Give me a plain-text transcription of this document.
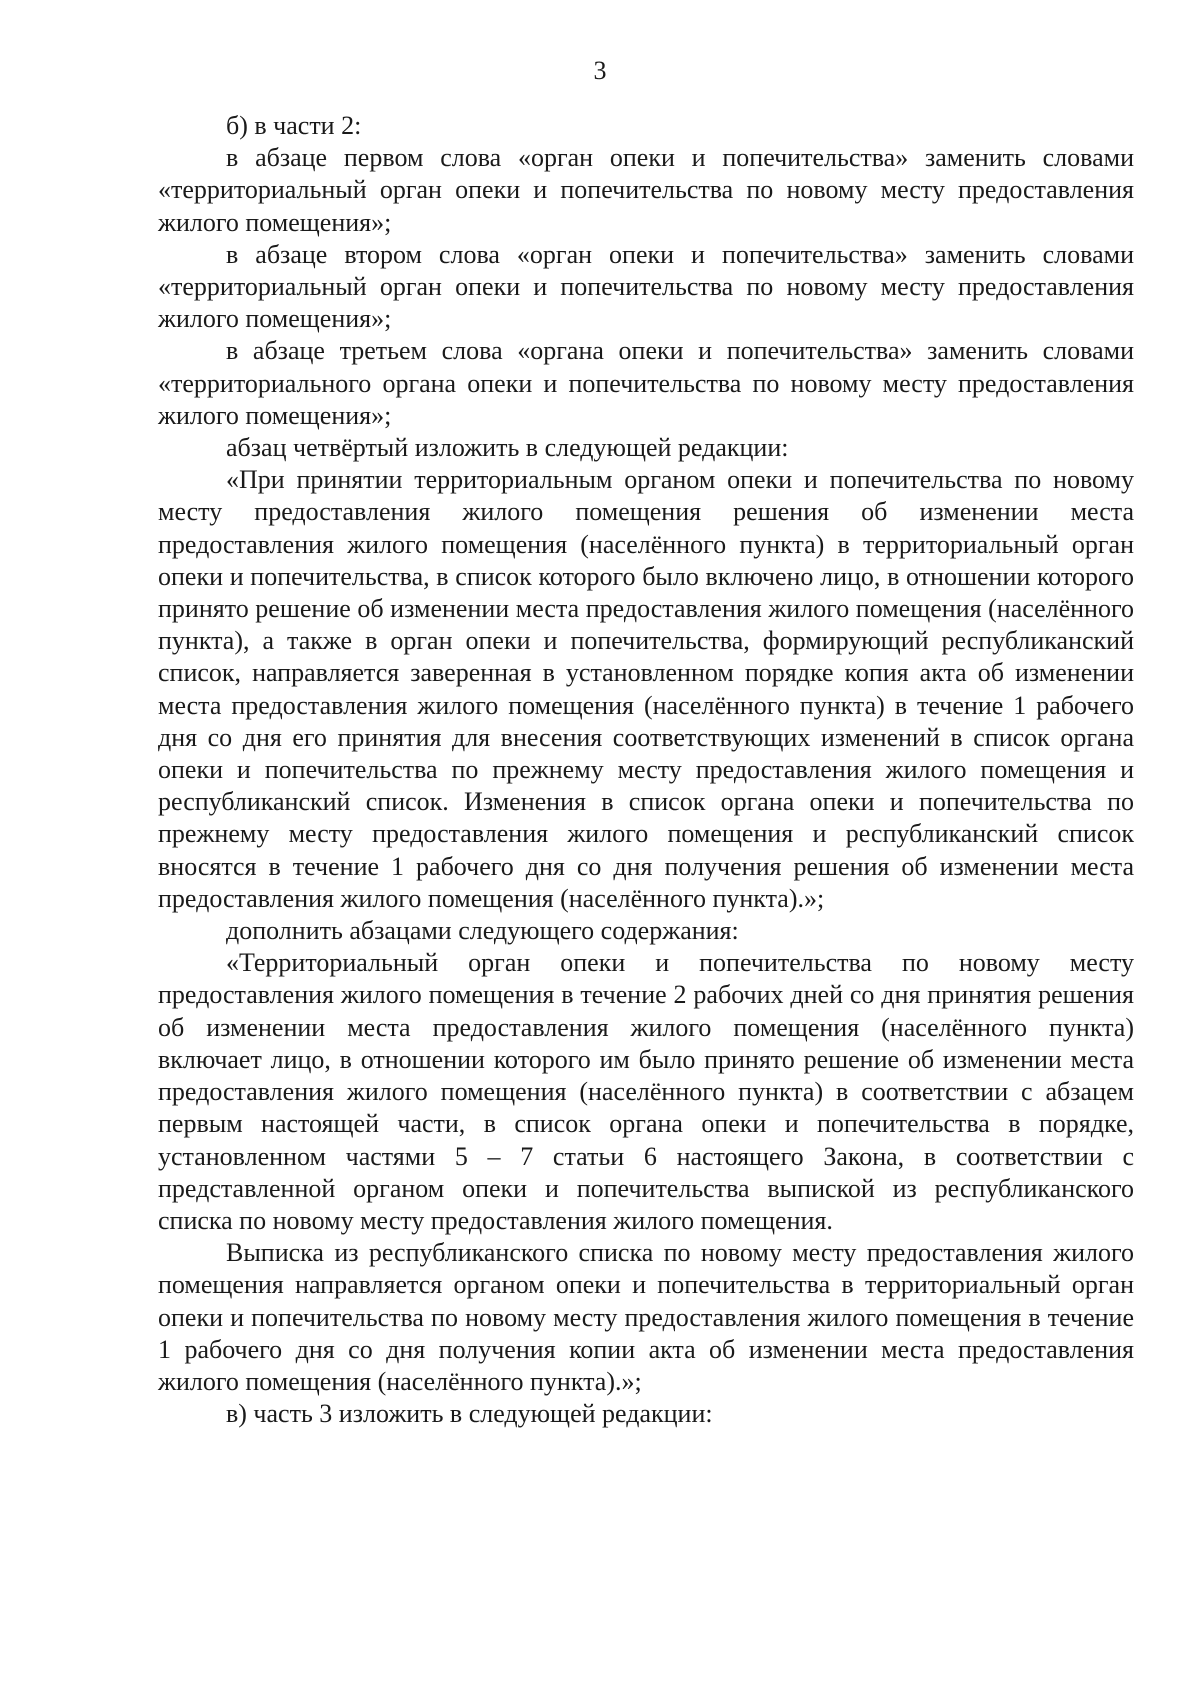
3

б) в части 2:

в абзаце первом слова «орган опеки и попечительства» заменить словами «территориальный орган опеки и попечительства по новому месту предоставления жилого помещения»;

в абзаце втором слова «орган опеки и попечительства» заменить словами «территориальный орган опеки и попечительства по новому месту предоставления жилого помещения»;

в абзаце третьем слова «органа опеки и попечительства» заменить словами «территориального органа опеки и попечительства по новому месту предоставления жилого помещения»;

абзац четвёртый изложить в следующей редакции:

«При принятии территориальным органом опеки и попечительства по новому месту предоставления жилого помещения решения об изменении места предоставления жилого помещения (населённого пункта) в территориальный орган опеки и попечительства, в список которого было включено лицо, в отношении которого принято решение об изменении места предоставления жилого помещения (населённого пункта), а также в орган опеки и попечительства, формирующий республиканский список, направляется заверенная в установленном порядке копия акта об изменении места предоставления жилого помещения (населённого пункта) в течение 1 рабочего дня со дня его принятия для внесения соответствующих изменений в список органа опеки и попечительства по прежнему месту предоставления жилого помещения и республиканский список. Изменения в список органа опеки и попечительства по прежнему месту предоставления жилого помещения и республиканский список вносятся в течение 1 рабочего дня со дня получения решения об изменении места предоставления жилого помещения (населённого пункта).»;

дополнить абзацами следующего содержания:

«Территориальный орган опеки и попечительства по новому месту предоставления жилого помещения в течение 2 рабочих дней со дня принятия решения об изменении места предоставления жилого помещения (населённого пункта) включает лицо, в отношении которого им было принято решение об изменении места предоставления жилого помещения (населённого пункта) в соответствии с абзацем первым настоящей части, в список органа опеки и попечительства в порядке, установленном частями 5 – 7 статьи 6 настоящего Закона, в соответствии с представленной органом опеки и попечительства выпиской из республиканского списка по новому месту предоставления жилого помещения.

Выписка из республиканского списка по новому месту предоставления жилого помещения направляется органом опеки и попечительства в территориальный орган опеки и попечительства по новому месту предоставления жилого помещения в течение 1 рабочего дня со дня получения копии акта об изменении места предоставления жилого помещения (населённого пункта).»;

в) часть 3 изложить в следующей редакции:
